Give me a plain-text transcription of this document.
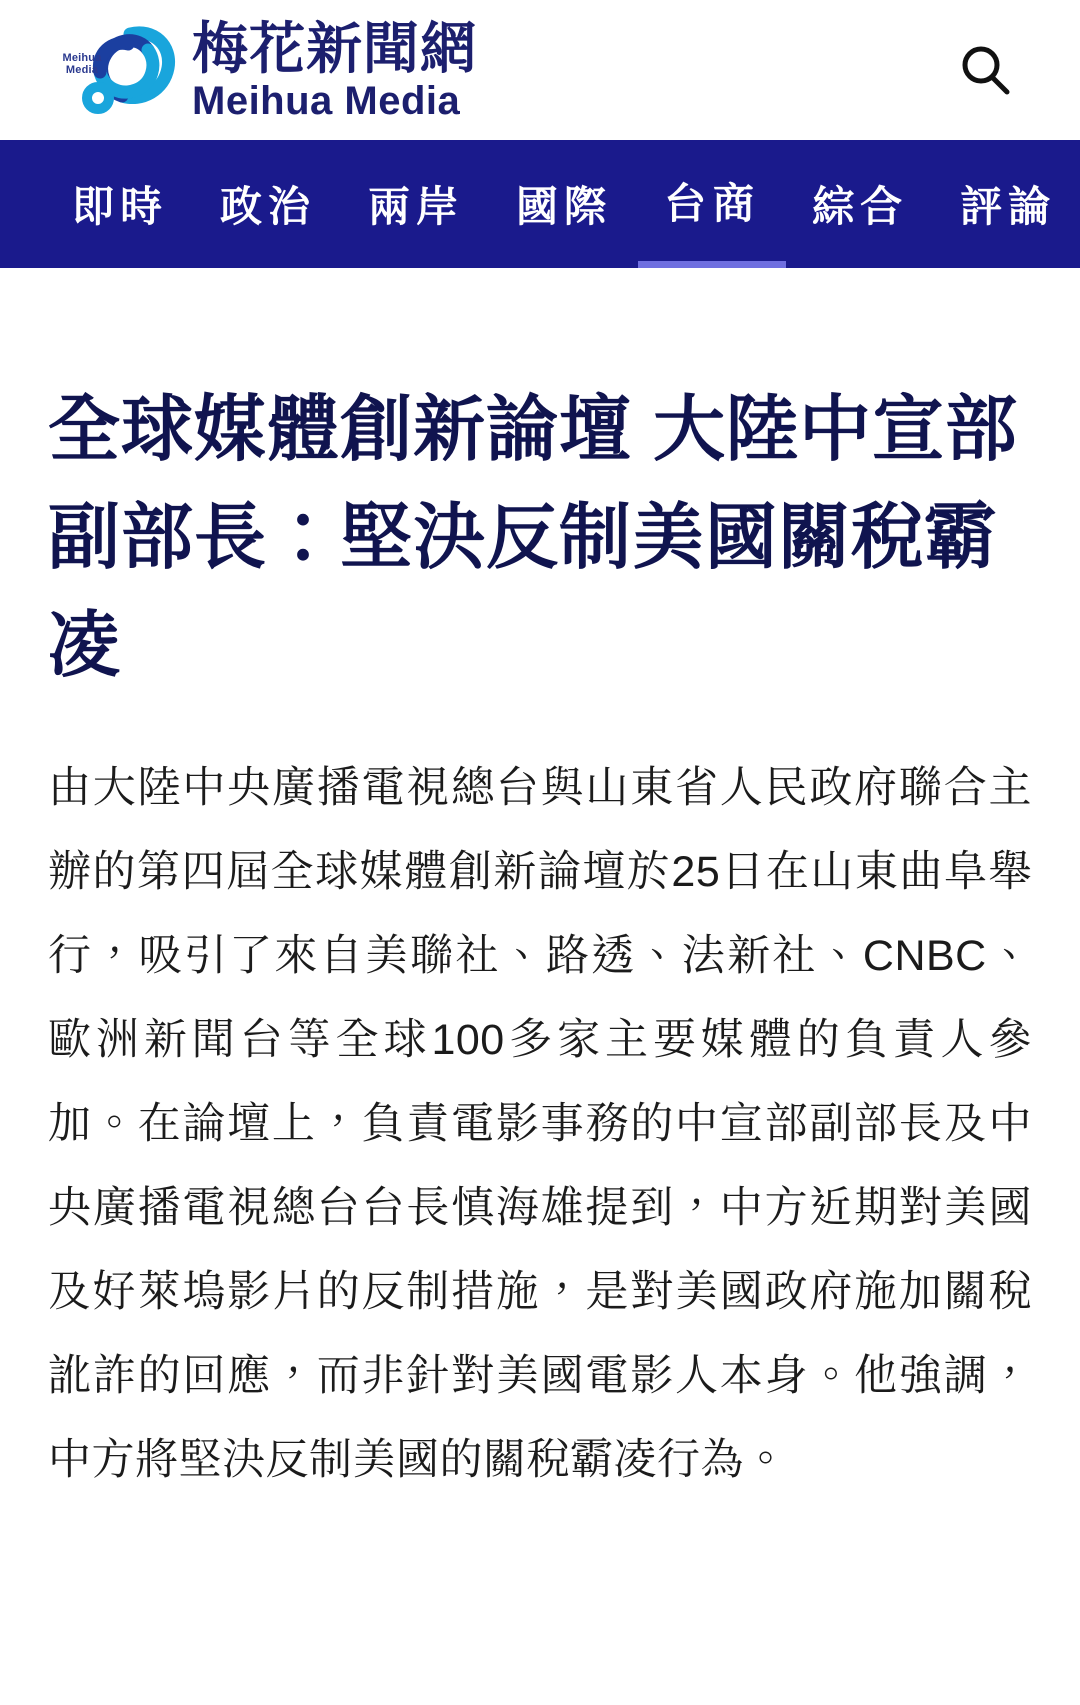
Meihua
Media 梅花新聞網
Meihua Media
即時	政治	兩岸	國際	台商	綜合	評論
全球媒體創新論壇 大陸中宣部副部長：堅決反制美國關稅霸凌

由大陸中央廣播電視總台與山東省人民政府聯合主辦的第四屆全球媒體創新論壇於25日在山東曲阜舉行，吸引了來自美聯社、路透、法新社、CNBC、歐洲新聞台等全球100多家主要媒體的負責人參加。在論壇上，負責電影事務的中宣部副部長及中央廣播電視總台台長慎海雄提到，中方近期對美國及好萊塢影片的反制措施，是對美國政府施加關稅訛詐的回應，而非針對美國電影人本身。他強調，中方將堅決反制美國的關稅霸凌行為。
